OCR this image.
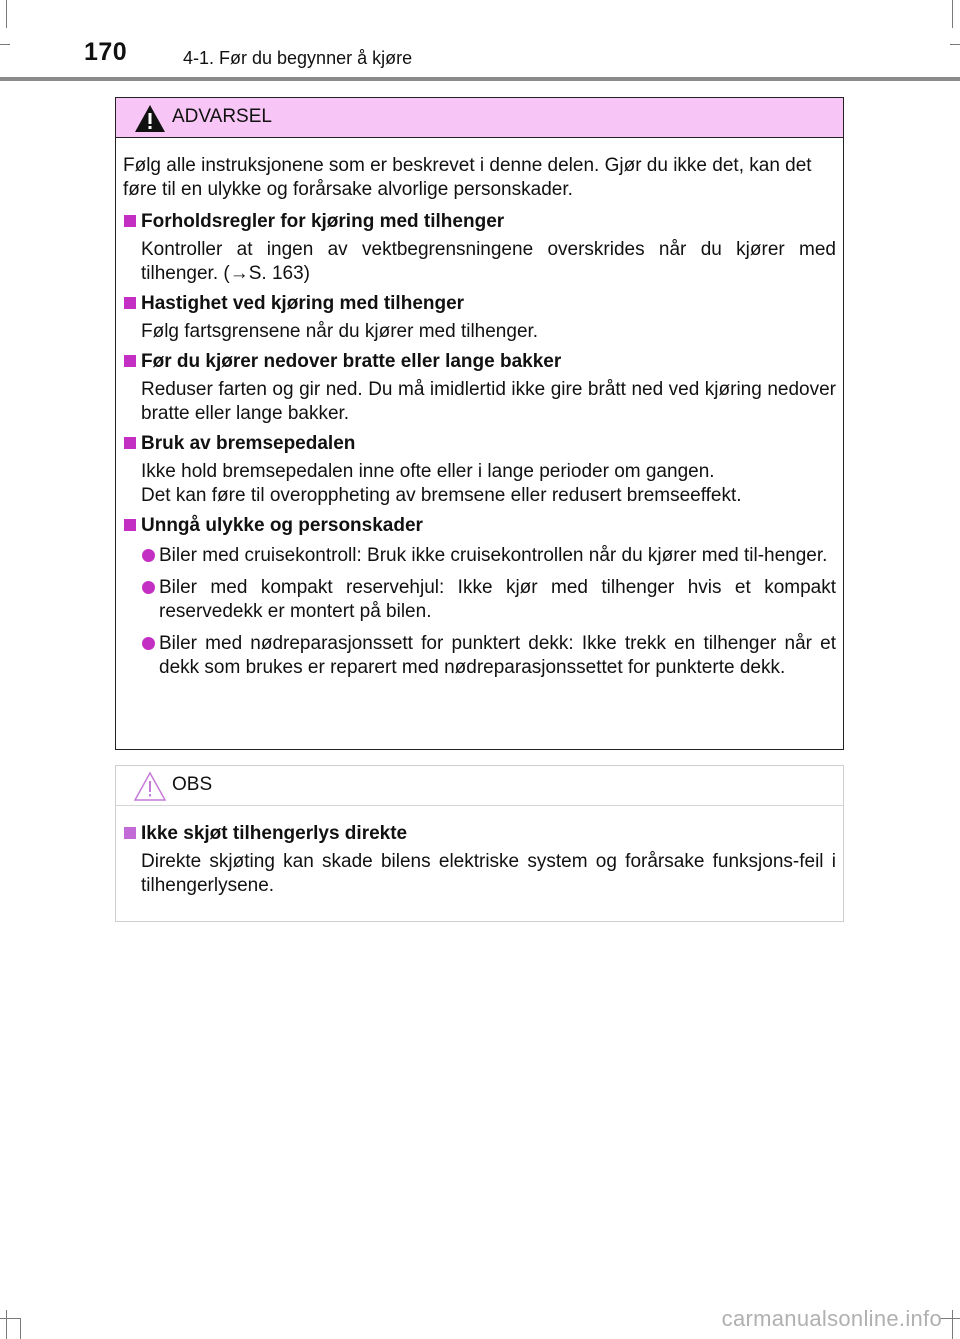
170	4-1. Før du begynner å kjøre
ADVARSEL

Følg alle instruksjonene som er beskrevet i denne delen. Gjør du ikke det, kan det føre til en ulykke og forårsake alvorlige personskader.

Forholdsregler for kjøring med tilhenger

Kontroller at ingen av vektbegrensningene overskrides når du kjører med tilhenger. (→S. 163)

Hastighet ved kjøring med tilhenger

Følg fartsgrensene når du kjører med tilhenger.

Før du kjører nedover bratte eller lange bakker

Reduser farten og gir ned. Du må imidlertid ikke gire brått ned ved kjøring nedover bratte eller lange bakker.

Bruk av bremsepedalen

Ikke hold bremsepedalen inne ofte eller i lange perioder om gangen.

Det kan føre til overoppheting av bremsene eller redusert bremseeffekt.

Unngå ulykke og personskader
Biler med cruisekontroll: Bruk ikke cruisekontrollen når du kjører med til-henger.
Biler med kompakt reservehjul: Ikke kjør med tilhenger hvis et kompakt reservedekk er montert på bilen.
Biler med nødreparasjonssett for punktert dekk: Ikke trekk en tilhenger når et dekk som brukes er reparert med nødreparasjonssettet for punkterte dekk.
OBS
Ikke skjøt tilhengerlys direkte

Direkte skjøting kan skade bilens elektriske system og forårsake funksjons-feil i tilhengerlysene.

carmanualsonline.info
